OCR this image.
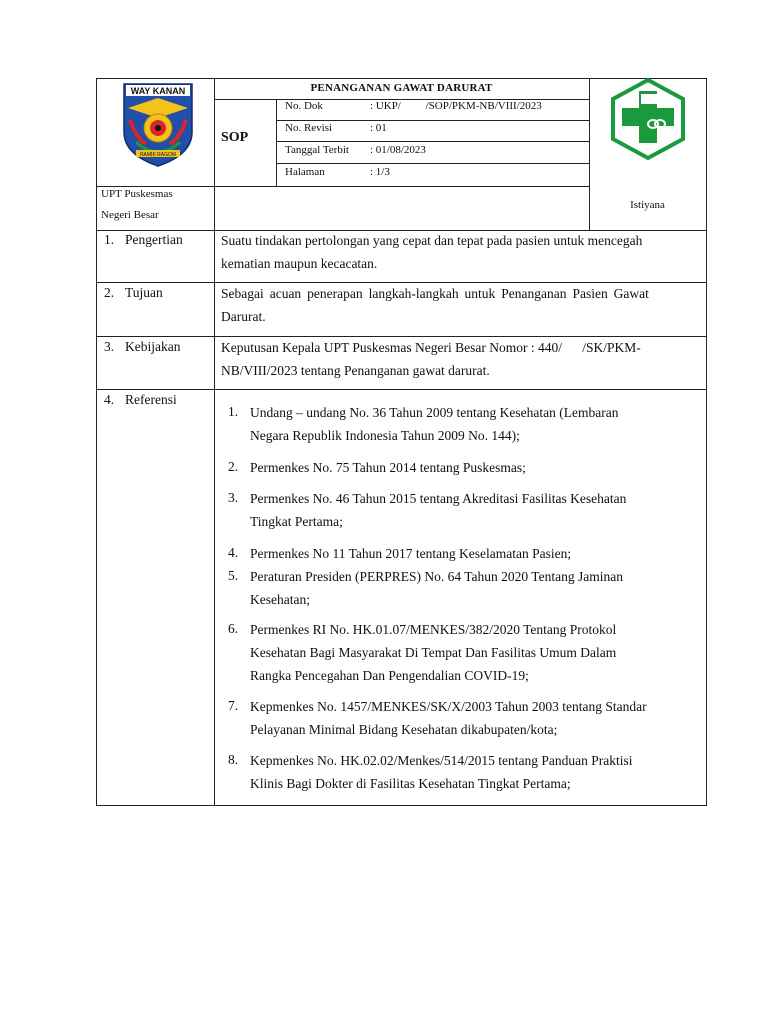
WAY KANAN
RAMIK RAGOM
PENANGANAN GAWAT DARURAT
SOP
No. Dok	: UKP/         /SOP/PKM-NB/VIII/2023
No. Revisi	: 01
Tanggal Terbit : 01/08/2023
Halaman	: 1/3
UPT Puskesmas
Negeri Besar
Istiyana
1. Pengertian	Suatu tindakan pertolongan yang cepat dan tepat pada pasien untuk mencegah
kematian maupun kecacatan.
2. Tujuan	Sebagai acuan penerapan langkah-langkah untuk Penanganan Pasien Gawat
Darurat.
3. Kebijakan	Keputusan Kepala UPT Puskesmas Negeri Besar Nomor : 440/      /SK/PKM-
NB/VIII/2023 tentang Penanganan gawat darurat.
4. Referensi
1. Undang – undang No. 36 Tahun 2009 tentang Kesehatan (Lembaran
Negara Republik Indonesia Tahun 2009 No. 144);
2. Permenkes No. 75 Tahun 2014 tentang Puskesmas;
3. Permenkes No. 46 Tahun 2015 tentang Akreditasi Fasilitas Kesehatan
Tingkat Pertama;
4. Permenkes No 11 Tahun 2017 tentang Keselamatan Pasien;
5. Peraturan Presiden (PERPRES) No. 64 Tahun 2020 Tentang Jaminan
Kesehatan;
6. Permenkes RI No. HK.01.07/MENKES/382/2020 Tentang Protokol
Kesehatan Bagi Masyarakat Di Tempat Dan Fasilitas Umum Dalam
Rangka Pencegahan Dan Pengendalian COVID-19;
7. Kepmenkes No. 1457/MENKES/SK/X/2003 Tahun 2003 tentang Standar
Pelayanan Minimal Bidang Kesehatan dikabupaten/kota;
8. Kepmenkes No. HK.02.02/Menkes/514/2015 tentang Panduan Praktisi
Klinis Bagi Dokter di Fasilitas Kesehatan Tingkat Pertama;
